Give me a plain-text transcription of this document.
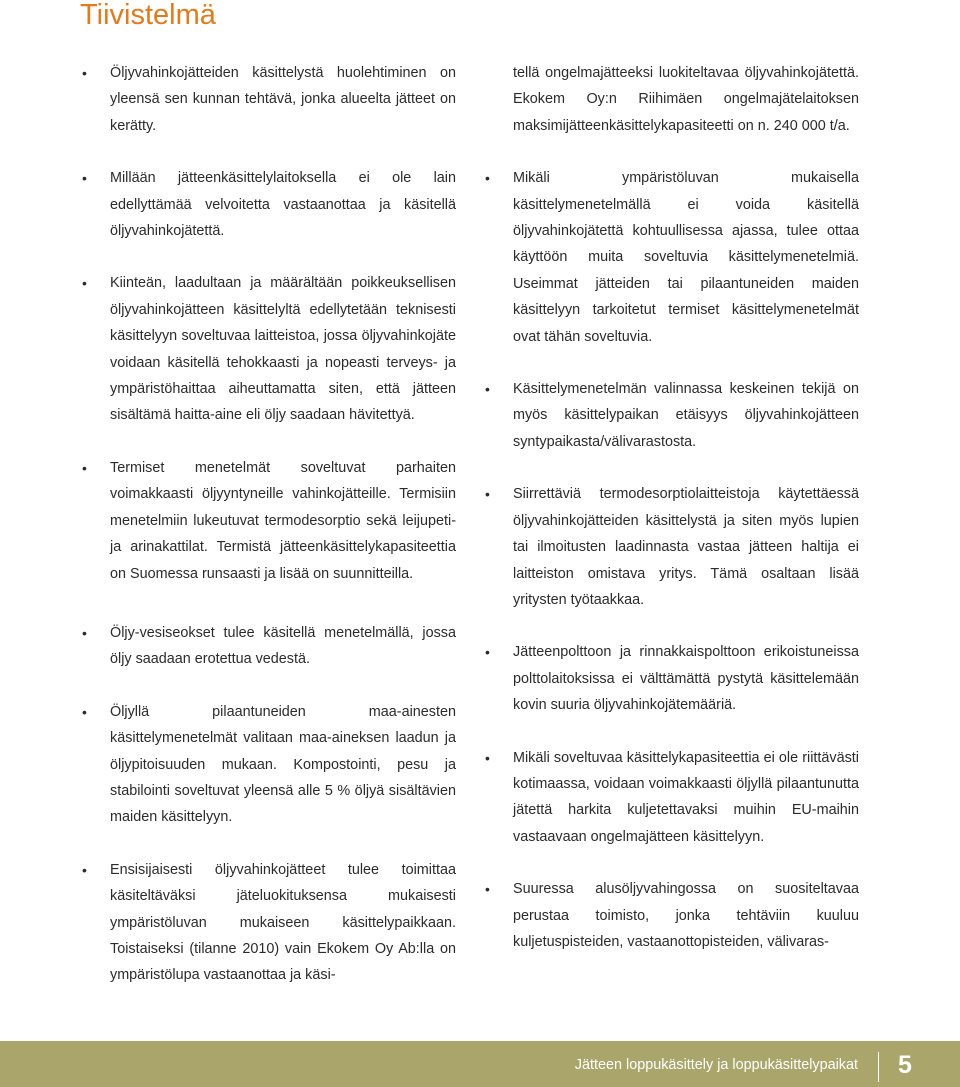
Tiivistelmä

• Öljyvahinkojätteiden käsittelystä huolehtiminen on yleensä sen kunnan tehtävä, jonka alueelta jätteet on kerätty.

• Millään jätteenkäsittelylaitoksella ei ole lain edellyttämää velvoitetta vastaanottaa ja käsitellä öljyvahinkojätettä.

• Kiinteän, laadultaan ja määrältään poikkeuksellisen öljyvahinkojätteen käsittelyltä edellytetään teknisesti käsittelyyn soveltuvaa laitteistoa, jossa öljyvahinkojäte voidaan käsitellä tehokkaasti ja nopeasti terveys- ja ympäristöhaittaa aiheuttamatta siten, että jätteen sisältämä haitta-aine eli öljy saadaan hävitettyä.

• Termiset menetelmät soveltuvat parhaiten voimakkaasti öljyyntyneille vahinkojätteille. Termisiin menetelmiin lukeutuvat termodesorptio sekä leijupeti- ja arinakattilat. Termistä jätteenkäsittelykapasiteettia on Suomessa runsaasti ja lisää on suunnitteilla.

• Öljy-vesiseokset tulee käsitellä menetelmällä, jossa öljy saadaan erotettua vedestä.

• Öljyllä pilaantuneiden maa-ainesten käsittelymenetelmät valitaan maa-aineksen laadun ja öljypitoisuuden mukaan. Kompostointi, pesu ja stabilointi soveltuvat yleensä alle 5 % öljyä sisältävien maiden käsittelyyn.

• Ensisijaisesti öljyvahinkojätteet tulee toimittaa käsiteltäväksi jäteluokituksensa mukaisesti ympäristöluvan mukaiseen käsittelypaikkaan. Toistaiseksi (tilanne 2010) vain Ekokem Oy Ab:lla on ympäristölupa vastaanottaa ja käsi-

tellä ongelmajätteeksi luokiteltavaa öljyvahinkojätettä. Ekokem Oy:n Riihimäen ongelmajätelaitoksen maksimijätteenkäsittelykapasiteetti on n. 240 000 t/a.

• Mikäli ympäristöluvan mukaisella käsittelymenetelmällä ei voida käsitellä öljyvahinkojätettä kohtuullisessa ajassa, tulee ottaa käyttöön muita soveltuvia käsittelymenetelmiä. Useimmat jätteiden tai pilaantuneiden maiden käsittelyyn tarkoitetut termiset käsittelymenetelmät ovat tähän soveltuvia.

• Käsittelymenetelmän valinnassa keskeinen tekijä on myös käsittelypaikan etäisyys öljyvahinkojätteen syntypaikasta/välivarastosta.

• Siirrettäviä termodesorptiolaitteistoja käytettäessä öljyvahinkojätteiden käsittelystä ja siten myös lupien tai ilmoitusten laadinnasta vastaa jätteen haltija ei laitteiston omistava yritys. Tämä osaltaan lisää yritysten työtaakkaa.

• Jätteenpolttoon ja rinnakkaispolttoon erikoistuneissa polttolaitoksissa ei välttämättä pystytä käsittelemään kovin suuria öljyvahinkojätemääriä.

• Mikäli soveltuvaa käsittelykapasiteettia ei ole riittävästi kotimaassa, voidaan voimakkaasti öljyllä pilaantunutta jätettä harkita kuljetettavaksi muihin EU-maihin vastaavaan ongelmajätteen käsittelyyn.

• Suuressa alusöljyvahingossa on suositeltavaa perustaa toimisto, jonka tehtäviin kuuluu kuljetuspisteiden, vastaanottopisteiden, välivaras-

Jätteen loppukäsittely ja loppukäsittelypaikat 5
